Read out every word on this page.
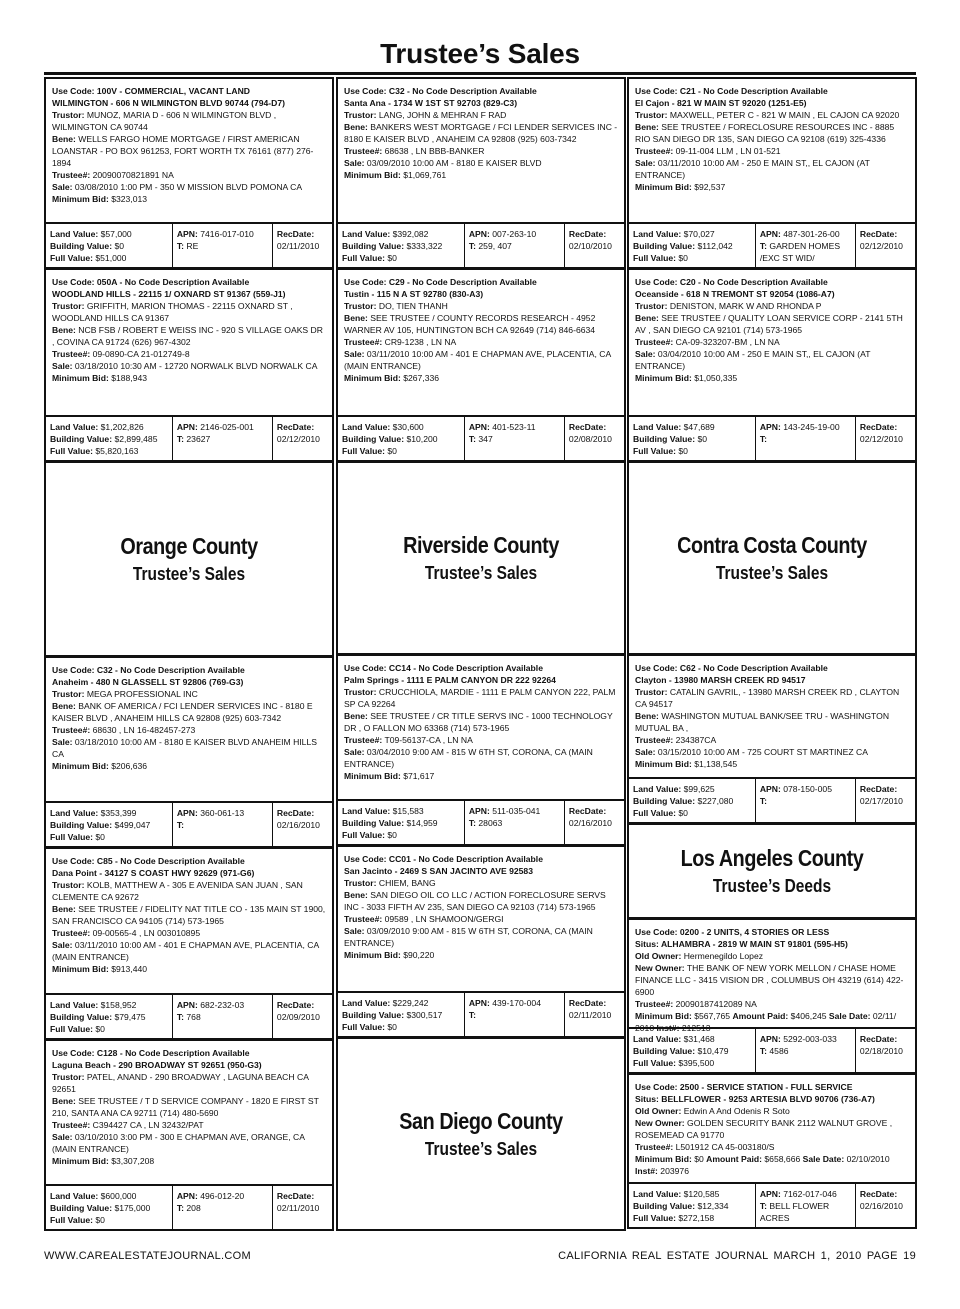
Trustee’s Sales
Use Code: 100V - COMMERCIAL, VACANT LAND
WILMINGTON - 606 N WILMINGTON BLVD 90744 (794-D7)
Trustor: MUNOZ, MARIA D - 606 N WILMINGTON BLVD , WILMINGTON CA 90744
Bene: WELLS FARGO HOME MORTGAGE / FIRST AMERICAN LOANSTAR - PO BOX 961253, FORT WORTH TX 76161 (877) 276-1894
Trustee#: 20090070821891 NA
Sale: 03/08/2010 1:00 PM - 350 W MISSION BLVD POMONA CA
Minimum Bid: $323,013
Land Value: $57,000
Building Value: $0
Full Value: $51,000
APN: 7416-017-010
T: RE
RecDate:
02/11/2010
Use Code: 050A - No Code Description Available
WOODLAND HILLS - 22115 1/ OXNARD ST 91367 (559-J1)
Trustor: GRIFFITH, MARION THOMAS - 22115 OXNARD ST , WOODLAND HILLS CA 91367
Bene: NCB FSB / ROBERT E WEISS INC - 920 S VILLAGE OAKS DR , COVINA CA 91724 (626) 967-4302
Trustee#: 09-0890-CA 21-012749-8
Sale: 03/18/2010 10:30 AM - 12720 NORWALK BLVD NORWALK CA
Minimum Bid: $188,943
Land Value: $1,202,826
Building Value: $2,899,485
Full Value: $5,820,163
APN: 2146-025-001
T: 23627
RecDate:
02/12/2010
Orange County
Trustee’s Sales
Use Code: C32 - No Code Description Available
Anaheim - 480 N GLASSELL ST 92806 (769-G3)
Trustor: MEGA PROFESSIONAL INC
Bene: BANK OF AMERICA / FCI LENDER SERVICES INC - 8180 E KAISER BLVD , ANAHEIM HILLS CA 92808 (925) 603-7342
Trustee#: 68630 , LN 16-482457-273
Sale: 03/18/2010 10:00 AM - 8180 E KAISER BLVD ANAHEIM HILLS CA
Minimum Bid: $206,636
Land Value: $353,399
Building Value: $499,047
Full Value: $0
APN: 360-061-13
T:
RecDate:
02/16/2010
Use Code: C85 - No Code Description Available
Dana Point - 34127 S COAST HWY 92629 (971-G6)
Trustor: KOLB, MATTHEW A - 305 E AVENIDA SAN JUAN , SAN CLEMENTE CA 92672
Bene: SEE TRUSTEE / FIDELITY NAT TITLE CO - 135 MAIN ST 1900, SAN FRANCISCO CA 94105 (714) 573-1965
Trustee#: 09-00565-4 , LN 003010895
Sale: 03/11/2010 10:00 AM - 401 E CHAPMAN AVE, PLACENTIA, CA (MAIN ENTRANCE)
Minimum Bid: $913,440
Land Value: $158,952
Building Value: $79,475
Full Value: $0
APN: 682-232-03
T: 768
RecDate:
02/09/2010
Use Code: C128 - No Code Description Available
Laguna Beach - 290 BROADWAY ST 92651 (950-G3)
Trustor: PATEL, ANAND - 290 BROADWAY , LAGUNA BEACH CA 92651
Bene: SEE TRUSTEE / T D SERVICE COMPANY - 1820 E FIRST ST 210, SANTA ANA CA 92711 (714) 480-5690
Trustee#: C394427 CA , LN 32432/PAT
Sale: 03/10/2010 3:00 PM - 300 E CHAPMAN AVE, ORANGE, CA (MAIN ENTRANCE)
Minimum Bid: $3,307,208
Land Value: $600,000
Building Value: $175,000
Full Value: $0
APN: 496-012-20
T: 208
RecDate:
02/11/2010
Use Code: C32 - No Code Description Available
Santa Ana - 1734 W 1ST ST 92703 (829-C3)
Trustor: LANG, JOHN & MEHRAN F RAD
Bene: BANKERS WEST MORTGAGE / FCI LENDER SERVICES INC - 8180 E KAISER BLVD , ANAHEIM CA 92808 (925) 603-7342
Trustee#: 68638 , LN BBB-BANKER
Sale: 03/09/2010 10:00 AM - 8180 E KAISER BLVD
Minimum Bid: $1,069,761
Land Value: $392,082
Building Value: $333,322
Full Value: $0
APN: 007-263-10
T: 259, 407
RecDate:
02/10/2010
Use Code: C29 - No Code Description Available
Tustin - 115 N A ST 92780 (830-A3)
Trustor: DO, TIEN THANH
Bene: SEE TRUSTEE / COUNTY RECORDS RESEARCH - 4952 WARNER AV 105, HUNTINGTON BCH CA 92649 (714) 846-6634
Trustee#: CR9-1238 , LN NA
Sale: 03/11/2010 10:00 AM - 401 E CHAPMAN AVE, PLACENTIA, CA (MAIN ENTRANCE)
Minimum Bid: $267,336
Land Value: $30,600
Building Value: $10,200
Full Value: $0
APN: 401-523-11
T: 347
RecDate:
02/08/2010
Riverside County
Trustee’s Sales
Use Code: CC14 - No Code Description Available
Palm Springs - 1111 E PALM CANYON DR 222 92264
Trustor: CRUCCHIOLA, MARDIE - 1111 E PALM CANYON 222, PALM SP CA 92264
Bene: SEE TRUSTEE / CR TITLE SERVS INC - 1000 TECHNOLOGY DR , O FALLON MO 63368 (714) 573-1965
Trustee#: T09-56137-CA , LN NA
Sale: 03/04/2010 9:00 AM - 815 W 6TH ST, CORONA, CA (MAIN ENTRANCE)
Minimum Bid: $71,617
Land Value: $15,583
Building Value: $14,959
Full Value: $0
APN: 511-035-041
T: 28063
RecDate:
02/16/2010
Use Code: CC01 - No Code Description Available
San Jacinto - 2469 S SAN JACINTO AVE 92583
Trustor: CHIEM, BANG
Bene: SAN DIEGO OIL CO LLC / ACTION FORECLOSURE SERVS INC - 3033 FIFTH AV 235, SAN DIEGO CA 92103 (714) 573-1965
Trustee#: 09589 , LN SHAMOON/GERGI
Sale: 03/09/2010 9:00 AM - 815 W 6TH ST, CORONA, CA (MAIN ENTRANCE)
Minimum Bid: $90,220
Land Value: $229,242
Building Value: $300,517
Full Value: $0
APN: 439-170-004
T:
RecDate:
02/11/2010
San Diego County
Trustee’s Sales
Use Code: C21 - No Code Description Available
El Cajon - 821 W MAIN ST 92020 (1251-E5)
Trustor: MAXWELL, PETER C - 821 W MAIN , EL CAJON CA 92020
Bene: SEE TRUSTEE / FORECLOSURE RESOURCES INC - 8885 RIO SAN DIEGO DR 135, SAN DIEGO CA 92108 (619) 325-4336
Trustee#: 09-11-004 LLM , LN 01-521
Sale: 03/11/2010 10:00 AM - 250 E MAIN ST,, EL CAJON (AT ENTRANCE)
Minimum Bid: $92,537
Land Value: $70,027
Building Value: $112,042
Full Value: $0
APN: 487-301-26-00
T: GARDEN HOMES /EXC ST WID/
RecDate:
02/12/2010
Use Code: C20 - No Code Description Available
Oceanside - 618 N TREMONT ST 92054 (1086-A7)
Trustor: DENISTON, MARK W AND RHONDA P
Bene: SEE TRUSTEE / QUALITY LOAN SERVICE CORP - 2141 5TH AV , SAN DIEGO CA 92101 (714) 573-1965
Trustee#: CA-09-323207-BM , LN NA
Sale: 03/04/2010 10:00 AM - 250 E MAIN ST,, EL CAJON (AT ENTRANCE)
Minimum Bid: $1,050,335
Land Value: $47,689
Building Value: $0
Full Value: $0
APN: 143-245-19-00
T:
RecDate:
02/12/2010
Contra Costa County
Trustee’s Sales
Use Code: C62 - No Code Description Available
Clayton - 13980 MARSH CREEK RD 94517
Trustor: CATALIN GAVRIL, - 13980 MARSH CREEK RD , CLAYTON CA 94517
Bene: WASHINGTON MUTUAL BANK/SEE TRU - WASHINGTON MUTUAL BA ,
Trustee#: 234387CA
Sale: 03/15/2010 10:00 AM - 725 COURT ST MARTINEZ CA
Minimum Bid: $1,138,545
Land Value: $99,625
Building Value: $227,080
Full Value: $0
APN: 078-150-005
T:
RecDate:
02/17/2010
Los Angeles County
Trustee’s Deeds
Use Code: 0200 - 2 UNITS, 4 STORIES OR LESS
Situs: ALHAMBRA - 2819 W MAIN ST 91801 (595-H5)
Old Owner: Hermenegildo Lopez
New Owner: THE BANK OF NEW YORK MELLON / CHASE HOME FINANCE LLC - 3415 VISION DR , COLUMBUS OH 43219 (614) 422-6900
Trustee#: 20090187412089 NA
Minimum Bid: $567,765 Amount Paid: $406,245 Sale Date: 02/11/ 2010 Inst#: 212513
Land Value: $31,468
Building Value: $10,479
Full Value: $395,500
APN: 5292-003-033
T: 4586
RecDate:
02/18/2010
Use Code: 2500 - SERVICE STATION - FULL SERVICE
Situs: BELLFLOWER - 9253 ARTESIA BLVD 90706 (736-A7)
Old Owner: Edwin A And Odenis R Soto
New Owner: GOLDEN SECURITY BANK 2112 WALNUT GROVE , ROSEMEAD CA 91770
Trustee#: L501912 CA 45-003180/S
Minimum Bid: $0 Amount Paid: $658,666 Sale Date: 02/10/2010
Inst#: 203976
Land Value: $120,585
Building Value: $12,334
Full Value: $272,158
APN: 7162-017-046
T: BELL FLOWER ACRES
RecDate:
02/16/2010
WWW.CAREALESTATEJOURNAL.COM	CALIFORNIA REAL ESTATE JOURNAL MARCH 1, 2010 PAGE 19
